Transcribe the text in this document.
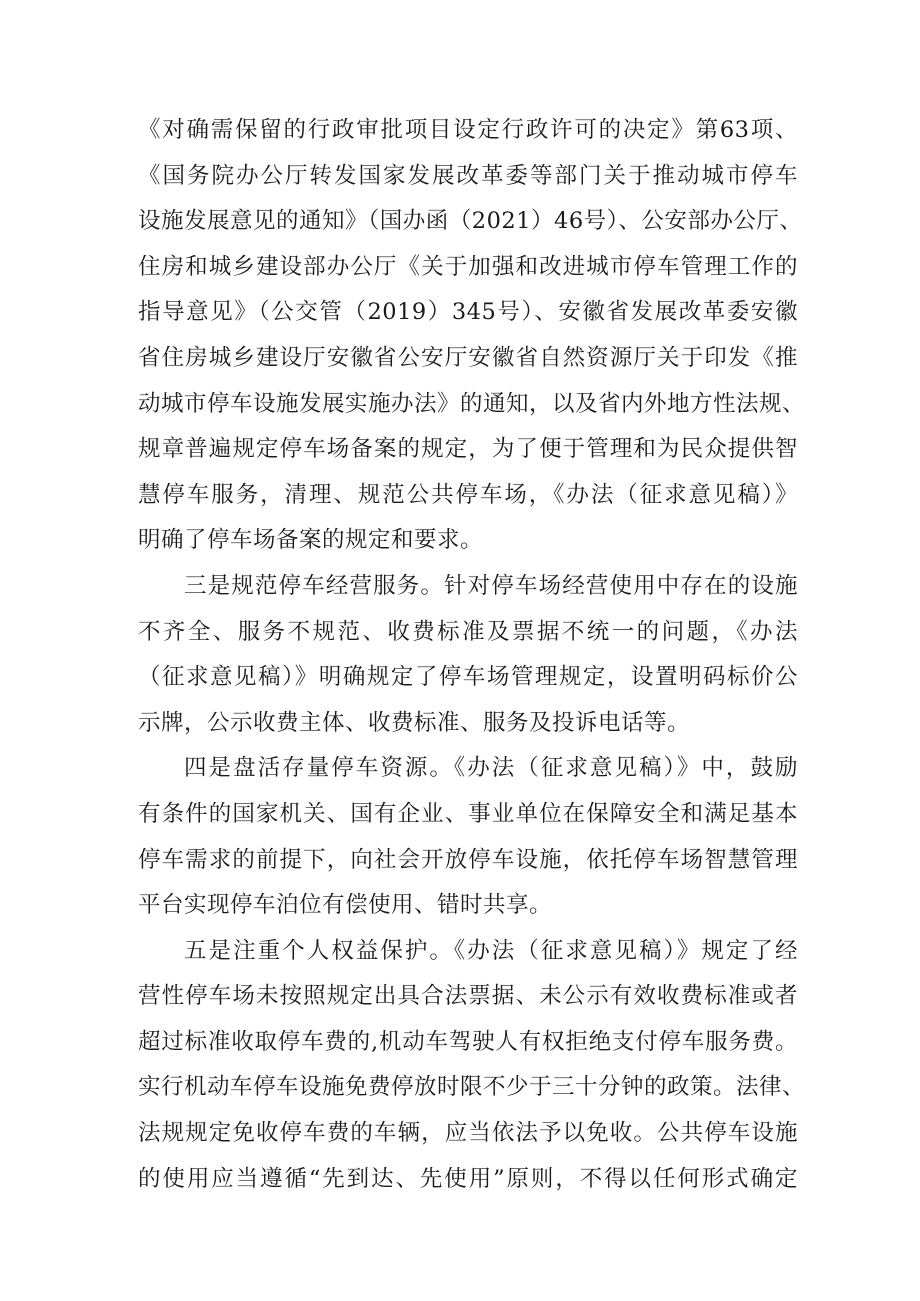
《对确需保留的行政审批项目设定行政许可的决定》第63项、
《国务院办公厅转发国家发展改革委等部门关于推动城市停车
设施发展意见的通知》（国办函（2021）46号）、公安部办公厅、
住房和城乡建设部办公厅《关于加强和改进城市停车管理工作的
指导意见》（公交管（2019）345号）、安徽省发展改革委安徽
省住房城乡建设厅安徽省公安厅安徽省自然资源厅关于印发《推
动城市停车设施发展实施办法》的通知，以及省内外地方性法规、
规章普遍规定停车场备案的规定，为了便于管理和为民众提供智
慧停车服务，清理、规范公共停车场，《办法（征求意见稿）》
明确了停车场备案的规定和要求。
三是规范停车经营服务。针对停车场经营使用中存在的设施
不齐全、服务不规范、收费标准及票据不统一的问题，《办法
（征求意见稿）》明确规定了停车场管理规定，设置明码标价公
示牌，公示收费主体、收费标准、服务及投诉电话等。
四是盘活存量停车资源。《办法（征求意见稿）》中，鼓励
有条件的国家机关、国有企业、事业单位在保障安全和满足基本
停车需求的前提下，向社会开放停车设施，依托停车场智慧管理
平台实现停车泊位有偿使用、错时共享。
五是注重个人权益保护。《办法（征求意见稿）》规定了经
营性停车场未按照规定出具合法票据、未公示有效收费标准或者
超过标准收取停车费的,机动车驾驶人有权拒绝支付停车服务费。
实行机动车停车设施免费停放时限不少于三十分钟的政策。法律、
法规规定免收停车费的车辆，应当依法予以免收。公共停车设施
的使用应当遵循“先到达、先使用”原则，不得以任何形式确定
